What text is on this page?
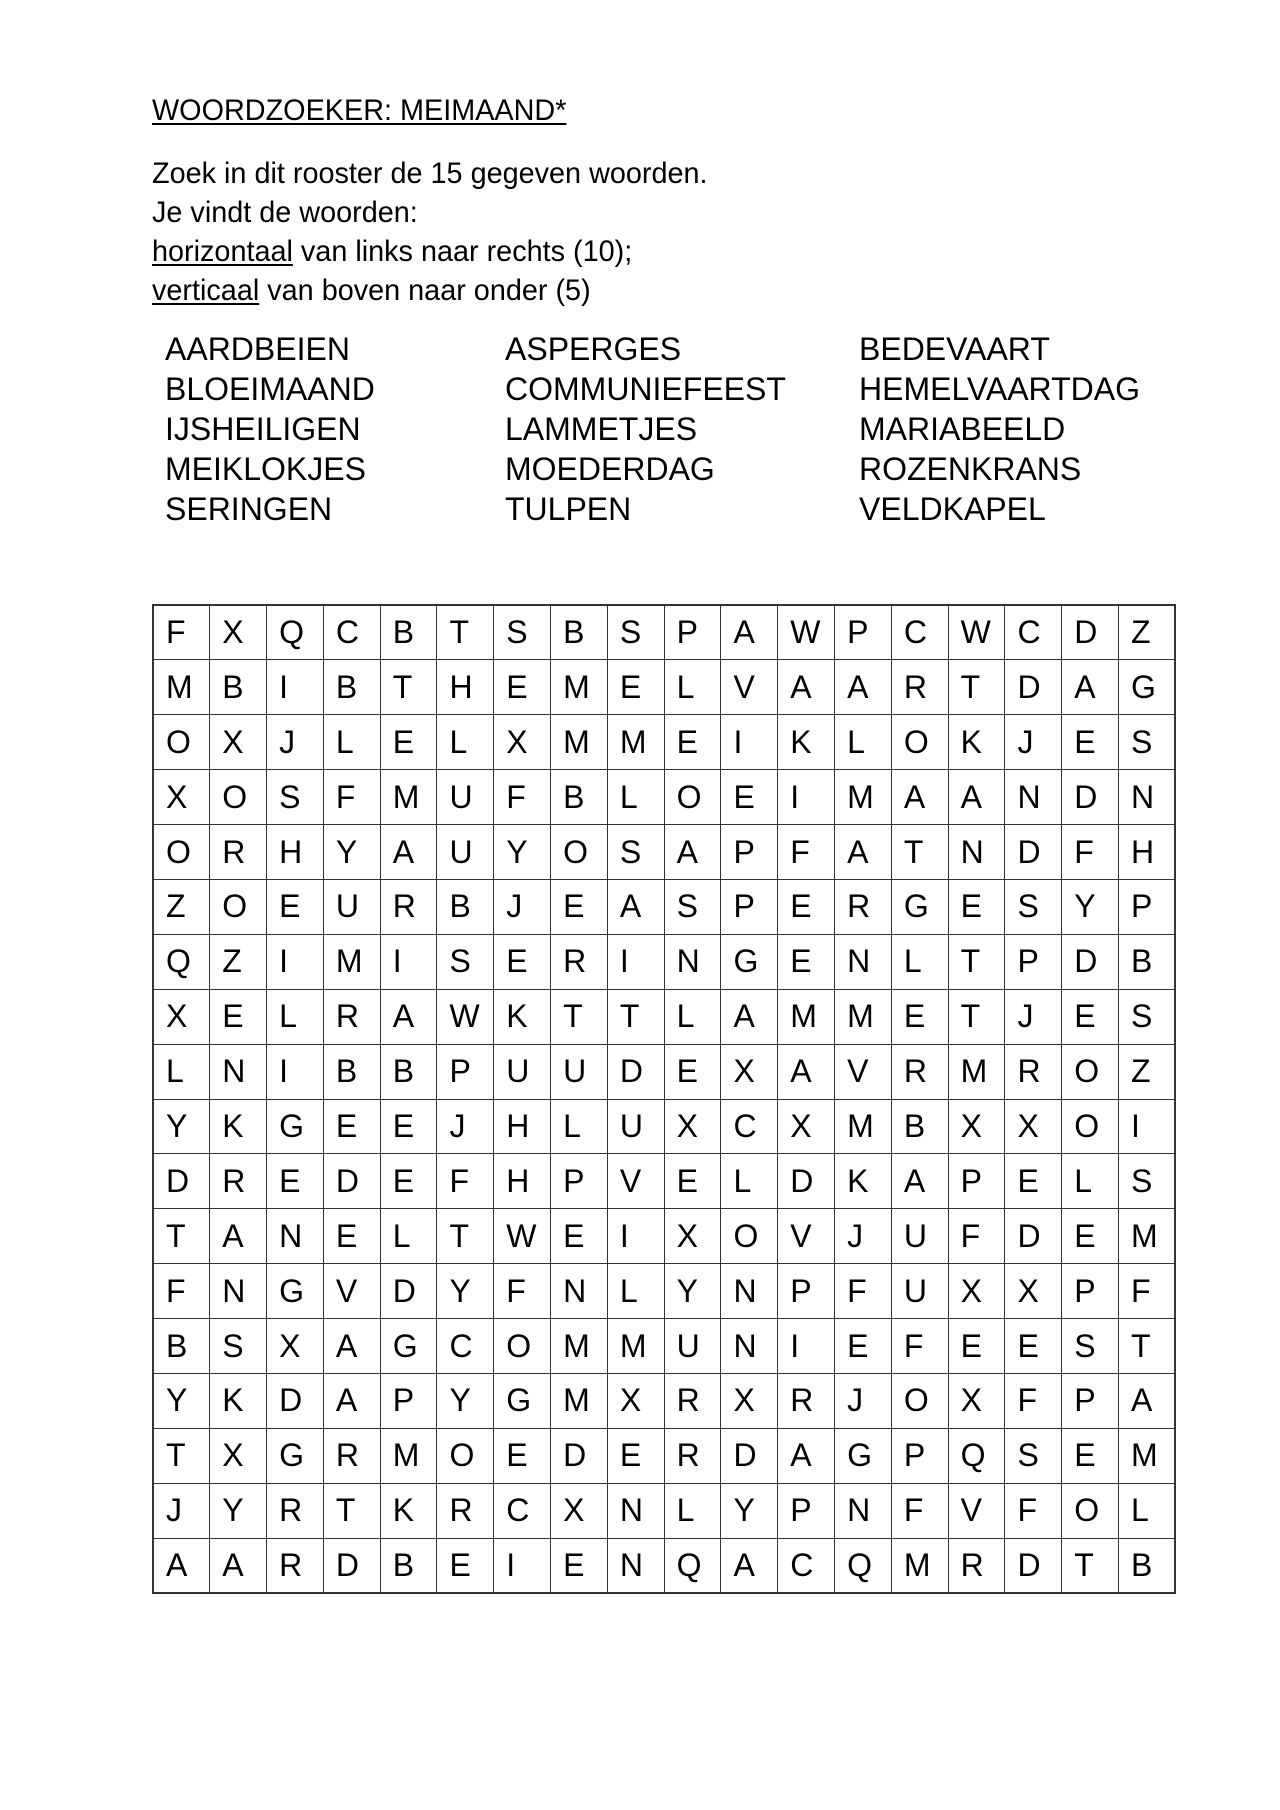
WOORDZOEKER: MEIMAAND*
Zoek in dit rooster de 15 gegeven woorden.
Je vindt de woorden:
horizontaal van links naar rechts (10);
verticaal van boven naar onder (5)
AARDBEIEN
BLOEIMAAND
IJSHEILIGEN
MEIKLOKJES
SERINGEN
ASPERGES
COMMUNIEFEEST
LAMMETJES
MOEDERDAG
TULPEN
BEDEVAART
HEMELVAARTDAG
MARIABEELD
ROZENKRANS
VELDKAPEL
F	X	Q	C	B	T	S	B	S	P	A	W	P	C	W	C	D	Z
M	B	I	B	T	H	E	M	E	L	V	A	A	R	T	D	A	G
O	X	J	L	E	L	X	M	M	E	I	K	L	O	K	J	E	S
X	O	S	F	M	U	F	B	L	O	E	I	M	A	A	N	D	N
O	R	H	Y	A	U	Y	O	S	A	P	F	A	T	N	D	F	H
Z	O	E	U	R	B	J	E	A	S	P	E	R	G	E	S	Y	P
Q	Z	I	M	I	S	E	R	I	N	G	E	N	L	T	P	D	B
X	E	L	R	A	W	K	T	T	L	A	M	M	E	T	J	E	S
L	N	I	B	B	P	U	U	D	E	X	A	V	R	M	R	O	Z
Y	K	G	E	E	J	H	L	U	X	C	X	M	B	X	X	O	I
D	R	E	D	E	F	H	P	V	E	L	D	K	A	P	E	L	S
T	A	N	E	L	T	W	E	I	X	O	V	J	U	F	D	E	M
F	N	G	V	D	Y	F	N	L	Y	N	P	F	U	X	X	P	F
B	S	X	A	G	C	O	M	M	U	N	I	E	F	E	E	S	T
Y	K	D	A	P	Y	G	M	X	R	X	R	J	O	X	F	P	A
T	X	G	R	M	O	E	D	E	R	D	A	G	P	Q	S	E	M
J	Y	R	T	K	R	C	X	N	L	Y	P	N	F	V	F	O	L
A	A	R	D	B	E	I	E	N	Q	A	C	Q	M	R	D	T	B
